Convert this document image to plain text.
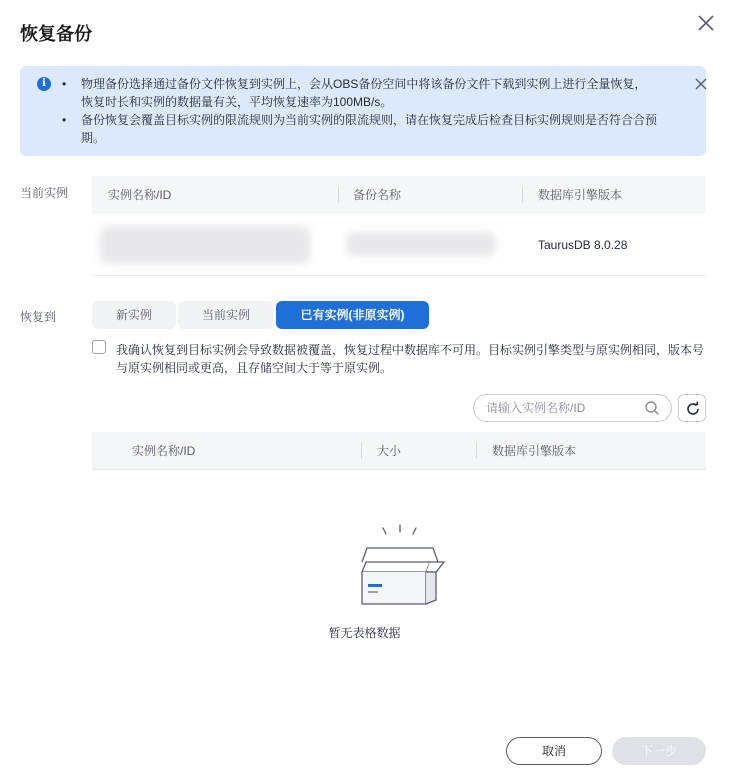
恢复备份
i
•	物理备份选择通过备份文件恢复到实例上，会从OBS备份空间中将该备份文件下载到实例上进行全量恢复，恢复时长和实例的数据量有关，平均恢复速率为100MB/s。
• 备份恢复会覆盖目标实例的限流规则为当前实例的限流规则，请在恢复完成后检查目标实例规则是否符合合预期。
当前实例	实例名称/ID	备份名称	数据库引擎版本
TaurusDB 8.0.28
恢复到	新实例	当前实例	已有实例(非原实例)
我确认恢复到目标实例会导致数据被覆盖，恢复过程中数据库不可用。目标实例引擎类型与原实例相同，版本号与原实例相同或更高，且存储空间大于等于原实例。
请输入实例名称/ID
实例名称/ID	大小	数据库引擎版本
暂无表格数据
取消	下一步
